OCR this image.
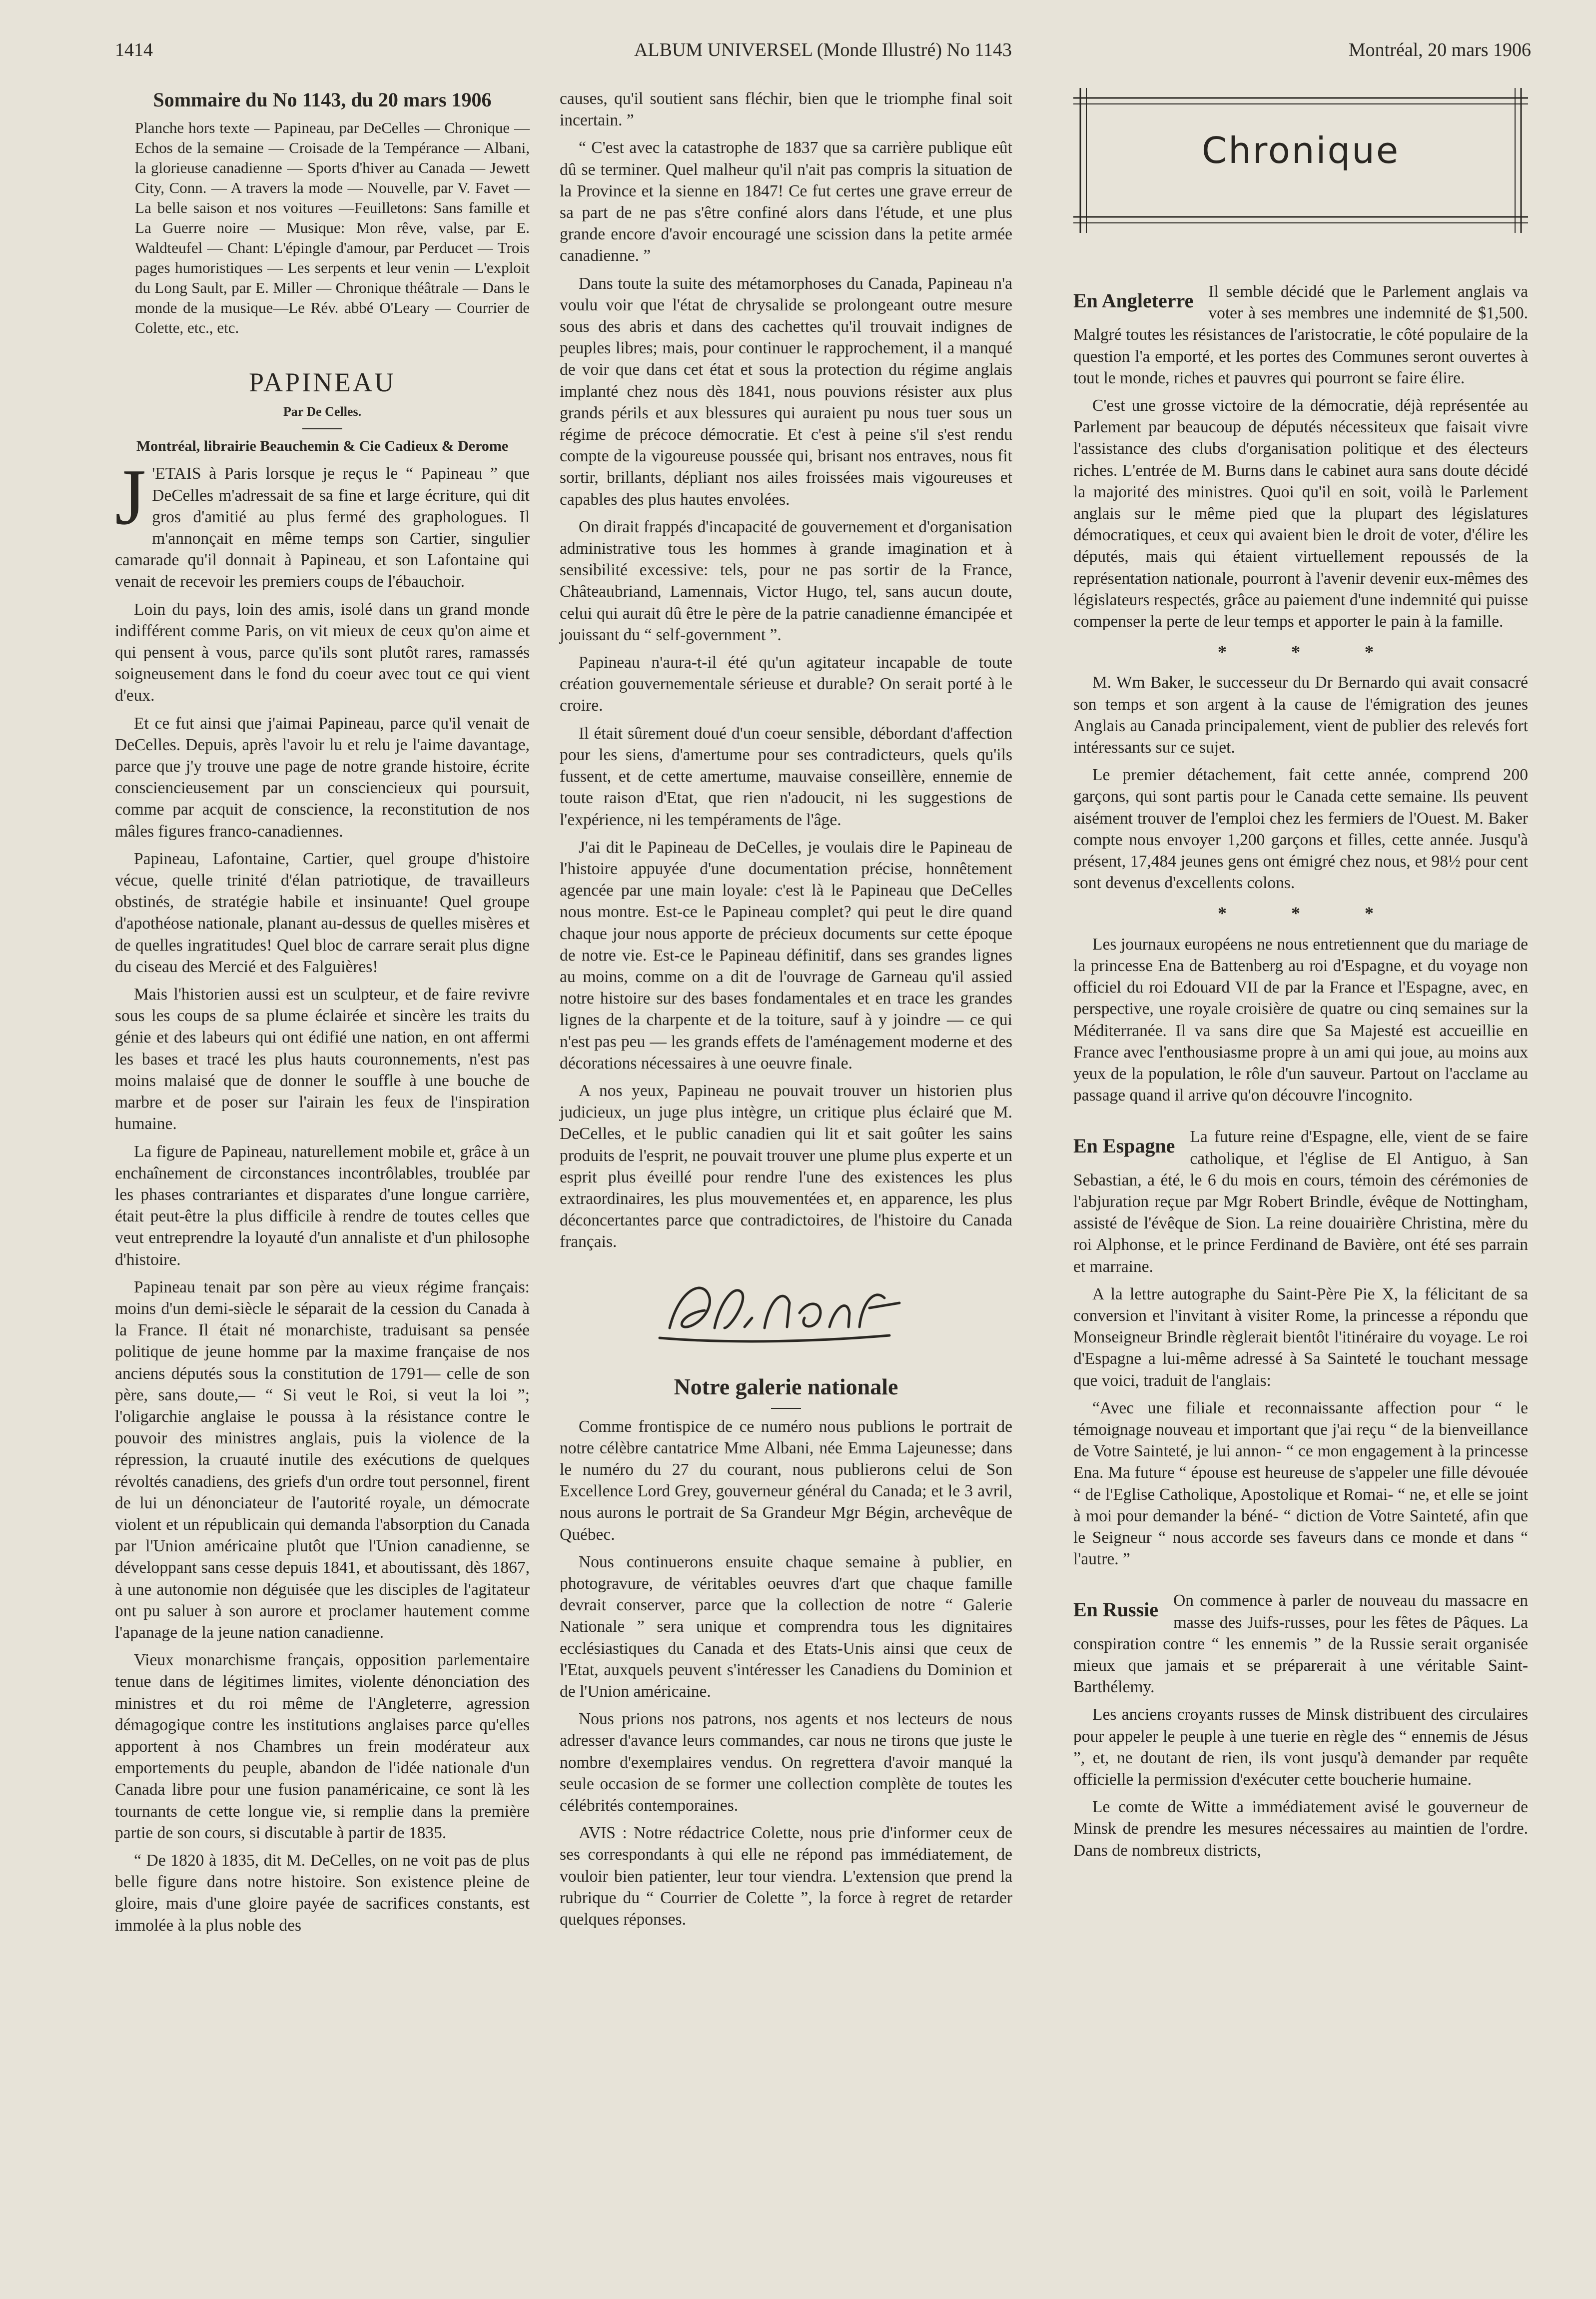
1414	ALBUM UNIVERSEL (Monde Illustré) No 1143	Montréal, 20 mars 1906

Sommaire du No 1143, du 20 mars 1906

Planche hors texte — Papineau, par DeCelles — Chronique — Echos de la semaine — Croisade de la Tempérance — Albani, la glorieuse canadienne — Sports d'hiver au Canada — Jewett City, Conn. — A travers la mode — Nouvelle, par V. Favet — La belle saison et nos voitures —Feuilletons: Sans famille et La Guerre noire — Musique: Mon rêve, valse, par E. Waldteufel — Chant: L'épingle d'amour, par Perducet — Trois pages humoristiques — Les serpents et leur venin — L'exploit du Long Sault, par E. Miller — Chronique théâtrale — Dans le monde de la musique—Le Rév. abbé O'Leary — Courrier de Colette, etc., etc.

PAPINEAU
Par De Celles.

Montréal, librairie Beauchemin & Cie Cadieux & Derome

J 'ETAIS à Paris lorsque je reçus le “ Papineau ” que DeCelles m'adressait de sa fine et large écriture, qui dit gros d'amitié au plus fermé des graphologues. Il m'annonçait en même temps son Cartier, singulier camarade qu'il donnait à Papineau, et son Lafontaine qui venait de recevoir les premiers coups de l'ébauchoir.

Loin du pays, loin des amis, isolé dans un grand monde indifférent comme Paris, on vit mieux de ceux qu'on aime et qui pensent à vous, parce qu'ils sont plutôt rares, ramassés soigneusement dans le fond du coeur avec tout ce qui vient d'eux.

Et ce fut ainsi que j'aimai Papineau, parce qu'il venait de DeCelles. Depuis, après l'avoir lu et relu je l'aime davantage, parce que j'y trouve une page de notre grande histoire, écrite consciencieusement par un consciencieux qui poursuit, comme par acquit de conscience, la reconstitution de nos mâles figures franco-canadiennes.

Papineau, Lafontaine, Cartier, quel groupe d'histoire vécue, quelle trinité d'élan patriotique, de travailleurs obstinés, de stratégie habile et insinuante! Quel groupe d'apothéose nationale, planant au-dessus de quelles misères et de quelles ingratitudes! Quel bloc de carrare serait plus digne du ciseau des Mercié et des Falguières!

Mais l'historien aussi est un sculpteur, et de faire revivre sous les coups de sa plume éclairée et sincère les traits du génie et des labeurs qui ont édifié une nation, en ont affermi les bases et tracé les plus hauts couronnements, n'est pas moins malaisé que de donner le souffle à une bouche de marbre et de poser sur l'airain les feux de l'inspiration humaine.

La figure de Papineau, naturellement mobile et, grâce à un enchaînement de circonstances incontrôlables, troublée par les phases contrariantes et disparates d'une longue carrière, était peut-être la plus difficile à rendre de toutes celles que veut entreprendre la loyauté d'un annaliste et d'un philosophe d'histoire.

Papineau tenait par son père au vieux régime français: moins d'un demi-siècle le séparait de la cession du Canada à la France. Il était né monarchiste, traduisant sa pensée politique de jeune homme par la maxime française de nos anciens députés sous la constitution de 1791— celle de son père, sans doute,— “ Si veut le Roi, si veut la loi ”; l'oligarchie anglaise le poussa à la résistance contre le pouvoir des ministres anglais, puis la violence de la répression, la cruauté inutile des exécutions de quelques révoltés canadiens, des griefs d'un ordre tout personnel, firent de lui un dénonciateur de l'autorité royale, un démocrate violent et un républicain qui demanda l'absorption du Canada par l'Union américaine plutôt que l'Union canadienne, se développant sans cesse depuis 1841, et aboutissant, dès 1867, à une autonomie non déguisée que les disciples de l'agitateur ont pu saluer à son aurore et proclamer hautement comme l'apanage de la jeune nation canadienne.

Vieux monarchisme français, opposition parlementaire tenue dans de légitimes limites, violente dénonciation des ministres et du roi même de l'Angleterre, agression démagogique contre les institutions anglaises parce qu'elles apportent à nos Chambres un frein modérateur aux emportements du peuple, abandon de l'idée nationale d'un Canada libre pour une fusion panaméricaine, ce sont là les tournants de cette longue vie, si remplie dans la première partie de son cours, si discutable à partir de 1835.

“ De 1820 à 1835, dit M. DeCelles, on ne voit pas de plus belle figure dans notre histoire. Son existence pleine de gloire, mais d'une gloire payée de sacrifices constants, est immolée à la plus noble des

causes, qu'il soutient sans fléchir, bien que le triomphe final soit incertain. ”

“ C'est avec la catastrophe de 1837 que sa carrière publique eût dû se terminer. Quel malheur qu'il n'ait pas compris la situation de la Province et la sienne en 1847! Ce fut certes une grave erreur de sa part de ne pas s'être confiné alors dans l'étude, et une plus grande encore d'avoir encouragé une scission dans la petite armée canadienne. ”

Dans toute la suite des métamorphoses du Canada, Papineau n'a voulu voir que l'état de chrysalide se prolongeant outre mesure sous des abris et dans des cachettes qu'il trouvait indignes de peuples libres; mais, pour continuer le rapprochement, il a manqué de voir que dans cet état et sous la protection du régime anglais implanté chez nous dès 1841, nous pouvions résister aux plus grands périls et aux blessures qui auraient pu nous tuer sous un régime de précoce démocratie. Et c'est à peine s'il s'est rendu compte de la vigoureuse poussée qui, brisant nos entraves, nous fit sortir, brillants, dépliant nos ailes froissées mais vigoureuses et capables des plus hautes envolées.

On dirait frappés d'incapacité de gouvernement et d'organisation administrative tous les hommes à grande imagination et à sensibilité excessive: tels, pour ne pas sortir de la France, Châteaubriand, Lamennais, Victor Hugo, tel, sans aucun doute, celui qui aurait dû être le père de la patrie canadienne émancipée et jouissant du “ self-government ”.

Papineau n'aura-t-il été qu'un agitateur incapable de toute création gouvernementale sérieuse et durable? On serait porté à le croire.

Il était sûrement doué d'un coeur sensible, débordant d'affection pour les siens, d'amertume pour ses contradicteurs, quels qu'ils fussent, et de cette amertume, mauvaise conseillère, ennemie de toute raison d'Etat, que rien n'adoucit, ni les suggestions de l'expérience, ni les tempéraments de l'âge.

J'ai dit le Papineau de DeCelles, je voulais dire le Papineau de l'histoire appuyée d'une documentation précise, honnêtement agencée par une main loyale: c'est là le Papineau que DeCelles nous montre. Est-ce le Papineau complet? qui peut le dire quand chaque jour nous apporte de précieux documents sur cette époque de notre vie. Est-ce le Papineau définitif, dans ses grandes lignes au moins, comme on a dit de l'ouvrage de Garneau qu'il assied notre histoire sur des bases fondamentales et en trace les grandes lignes de la charpente et de la toiture, sauf à y joindre — ce qui n'est pas peu — les grands effets de l'aménagement moderne et des décorations nécessaires à une oeuvre finale.

A nos yeux, Papineau ne pouvait trouver un historien plus judicieux, un juge plus intègre, un critique plus éclairé que M. DeCelles, et le public canadien qui lit et sait goûter les sains produits de l'esprit, ne pouvait trouver une plume plus experte et un esprit plus éveillé pour rendre l'une des existences les plus extraordinaires, les plus mouvementées et, en apparence, les plus déconcertantes parce que contradictoires, de l'histoire du Canada français.

Notre galerie nationale

Comme frontispice de ce numéro nous publions le portrait de notre célèbre cantatrice Mme Albani, née Emma Lajeunesse; dans le numéro du 27 du courant, nous publierons celui de Son Excellence Lord Grey, gouverneur général du Canada; et le 3 avril, nous aurons le portrait de Sa Grandeur Mgr Bégin, archevêque de Québec.

Nous continuerons ensuite chaque semaine à publier, en photogravure, de véritables oeuvres d'art que chaque famille devrait conserver, parce que la collection de notre “ Galerie Nationale ” sera unique et comprendra tous les dignitaires ecclésiastiques du Canada et des Etats-Unis ainsi que ceux de l'Etat, auxquels peuvent s'intéresser les Canadiens du Dominion et de l'Union américaine.

Nous prions nos patrons, nos agents et nos lecteurs de nous adresser d'avance leurs commandes, car nous ne tirons que juste le nombre d'exemplaires vendus. On regrettera d'avoir manqué la seule occasion de se former une collection complète de toutes les célébrités contemporaines.

AVIS : Notre rédactrice Colette, nous prie d'informer ceux de ses correspondants à qui elle ne répond pas immédiatement, de vouloir bien patienter, leur tour viendra. L'extension que prend la rubrique du “ Courrier de Colette ”, la force à regret de retarder quelques réponses.

Chronique

En Angleterre Il semble décidé que le Parlement anglais va voter à ses membres une indemnité de $1,500. Malgré toutes les résistances de l'aristocratie, le côté populaire de la question l'a emporté, et les portes des Communes seront ouvertes à tout le monde, riches et pauvres qui pourront se faire élire.

C'est une grosse victoire de la démocratie, déjà représentée au Parlement par beaucoup de députés nécessiteux que faisait vivre l'assistance des clubs d'organisation politique et des électeurs riches. L'entrée de M. Burns dans le cabinet aura sans doute décidé la majorité des ministres. Quoi qu'il en soit, voilà le Parlement anglais sur le même pied que la plupart des législatures démocratiques, et ceux qui avaient bien le droit de voter, d'élire les députés, mais qui étaient virtuellement repoussés de la représentation nationale, pourront à l'avenir devenir eux-mêmes des législateurs respectés, grâce au paiement d'une indemnité qui puisse compenser la perte de leur temps et apporter le pain à la famille.

* * *

M. Wm Baker, le successeur du Dr Bernardo qui avait consacré son temps et son argent à la cause de l'émigration des jeunes Anglais au Canada principalement, vient de publier des relevés fort intéressants sur ce sujet.

Le premier détachement, fait cette année, comprend 200 garçons, qui sont partis pour le Canada cette semaine. Ils peuvent aisément trouver de l'emploi chez les fermiers de l'Ouest. M. Baker compte nous envoyer 1,200 garçons et filles, cette année. Jusqu'à présent, 17,484 jeunes gens ont émigré chez nous, et 98½ pour cent sont devenus d'excellents colons.

* * *

Les journaux européens ne nous entretiennent que du mariage de la princesse Ena de Battenberg au roi d'Espagne, et du voyage non officiel du roi Edouard VII de par la France et l'Espagne, avec, en perspective, une royale croisière de quatre ou cinq semaines sur la Méditerranée. Il va sans dire que Sa Majesté est accueillie en France avec l'enthousiasme propre à un ami qui joue, au moins aux yeux de la population, le rôle d'un sauveur. Partout on l'acclame au passage quand il arrive qu'on découvre l'incognito.

En Espagne La future reine d'Espagne, elle, vient de se faire catholique, et l'église de El Antiguo, à San Sebastian, a été, le 6 du mois en cours, témoin des cérémonies de l'abjuration reçue par Mgr Robert Brindle, évêque de Nottingham, assisté de l'évêque de Sion. La reine douairière Christina, mère du roi Alphonse, et le prince Ferdinand de Bavière, ont été ses parrain et marraine.

A la lettre autographe du Saint-Père Pie X, la félicitant de sa conversion et l'invitant à visiter Rome, la princesse a répondu que Monseigneur Brindle règlerait bientôt l'itinéraire du voyage. Le roi d'Espagne a lui-même adressé à Sa Sainteté le touchant message que voici, traduit de l'anglais:

“Avec une filiale et reconnaissante affection pour “ le témoignage nouveau et important que j'ai reçu “ de la bienveillance de Votre Sainteté, je lui annon- “ ce mon engagement à la princesse Ena. Ma future “ épouse est heureuse de s'appeler une fille dévouée “ de l'Eglise Catholique, Apostolique et Romai- “ ne, et elle se joint à moi pour demander la béné- “ diction de Votre Sainteté, afin que le Seigneur “ nous accorde ses faveurs dans ce monde et dans “ l'autre. ”

En Russie On commence à parler de nouveau du massacre en masse des Juifs-russes, pour les fêtes de Pâques. La conspiration contre “ les ennemis ” de la Russie serait organisée mieux que jamais et se préparerait à une véritable Saint-Barthélemy.

Les anciens croyants russes de Minsk distribuent des circulaires pour appeler le peuple à une tuerie en règle des “ ennemis de Jésus ”, et, ne doutant de rien, ils vont jusqu'à demander par requête officielle la permission d'exécuter cette boucherie humaine.

Le comte de Witte a immédiatement avisé le gouverneur de Minsk de prendre les mesures nécessaires au maintien de l'ordre. Dans de nombreux districts,
